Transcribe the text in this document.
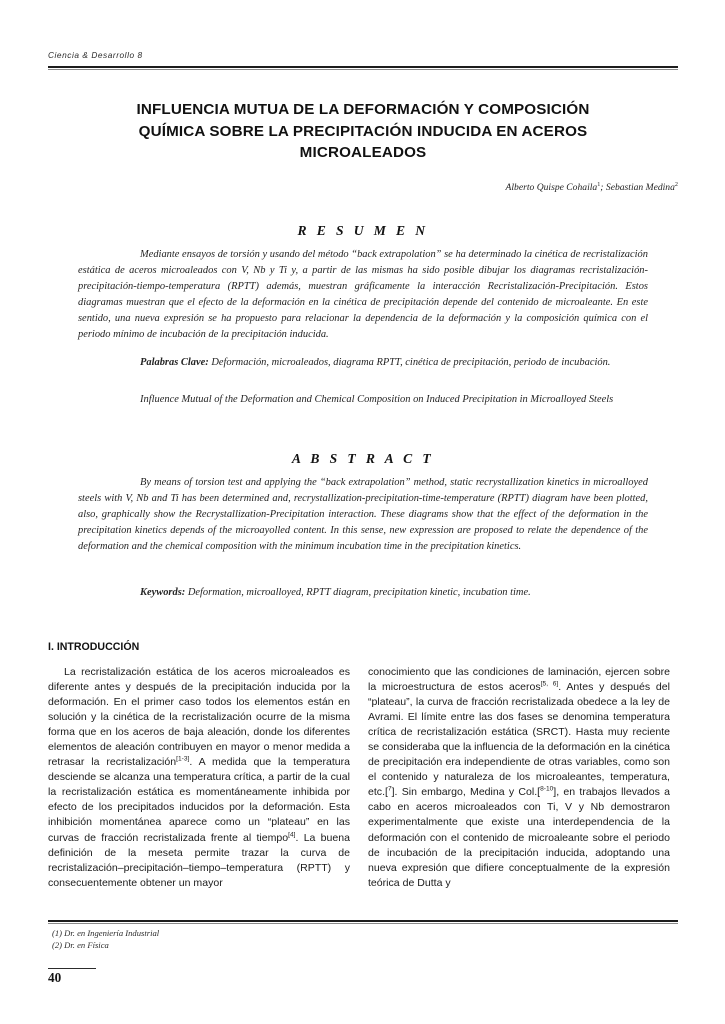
Ciencia & Desarrollo 8
INFLUENCIA MUTUA DE LA DEFORMACIÓN Y COMPOSICIÓN
QUÍMICA SOBRE LA PRECIPITACIÓN INDUCIDA EN ACEROS
MICROALEADOS
Alberto Quispe Cohaila$^1$; Sebastian Medina$^2$
R E S U M E N

Mediante ensayos de torsión y usando del método “back extrapolation” se ha determinado la cinética de recristalización estática de aceros microaleados con V, Nb y Ti y, a partir de las mismas ha sido posible dibujar los diagramas recristalización-precipitación-tiempo-temperatura (RPTT) además, muestran gráficamente la interacción Recristalización-Precipitación. Estos diagramas muestran que el efecto de la deformación en la cinética de precipitación depende del contenido de microaleante. En este sentido, una nueva expresión se ha propuesto para relacionar la dependencia de la deformación y la composición química con el periodo mínimo de incubación de la precipitación inducida.

Palabras Clave: Deformación, microaleados, diagrama RPTT, cinética de precipitación, periodo de incubación.

Influence Mutual of the Deformation and Chemical Composition on Induced Precipitation in Microalloyed Steels

A B S T R A C T

By means of torsion test and applying the “back extrapolation” method, static recrystallization kinetics in microalloyed steels with V, Nb and Ti has been determined and, recrystallization-precipitation-time-temperature (RPTT) diagram have been plotted, also, graphically show the Recrystallization-Precipitation interaction. These diagrams show that the effect of the deformation in the precipitation kinetics depends of the microayolled content. In this sense, new expression are proposed to relate the dependence of the deformation and the chemical composition with the minimum incubation time in the precipitation kinetics.

Keywords: Deformation, microalloyed, RPTT diagram, precipitation kinetic, incubation time.

I. INTRODUCCIÓN

La recristalización estática de los aceros microaleados es diferente antes y después de la precipitación inducida por la deformación. En el primer caso todos los elementos están en solución y la cinética de la recristalización ocurre de la misma forma que en los aceros de baja aleación, donde los diferentes elementos de aleación contribuyen en mayor o menor medida a retrasar la recristalización[1-3]. A medida que la temperatura desciende se alcanza una temperatura crítica, a partir de la cual la recristalización estática es momentáneamente inhibida por efecto de los precipitados inducidos por la deformación. Esta inhibición momentánea aparece como un “plateau” en las curvas de fracción recristalizada frente al tiempo[4]. La buena definición de la meseta permite trazar la curva de recristalización–precipitación–tiempo–temperatura (RPTT) y consecuentemente obtener un mayor

conocimiento que las condiciones de laminación, ejercen sobre la microestructura de estos aceros[5, 6]. Antes y después del “plateau”, la curva de fracción recristalizada obedece a la ley de Avrami. El límite entre las dos fases se denomina temperatura crítica de recristalización estática (SRCT). Hasta muy reciente se consideraba que la influencia de la deformación en la cinética de precipitación era independiente de otras variables, como son el contenido y naturaleza de los microaleantes, temperatura, etc.[$^7$]. Sin embargo, Medina y Col.[$^{8-10}$], en trabajos llevados a cabo en aceros microaleados con Ti, V y Nb demostraron experimentalmente que existe una interdependencia de la deformación con el contenido de microaleante sobre el periodo de incubación de la precipitación inducida, adoptando una nueva expresión que difiere conceptualmente de la expresión teórica de Dutta y

(1) Dr. en Ingeniería Industrial
(2) Dr. en Física
40
